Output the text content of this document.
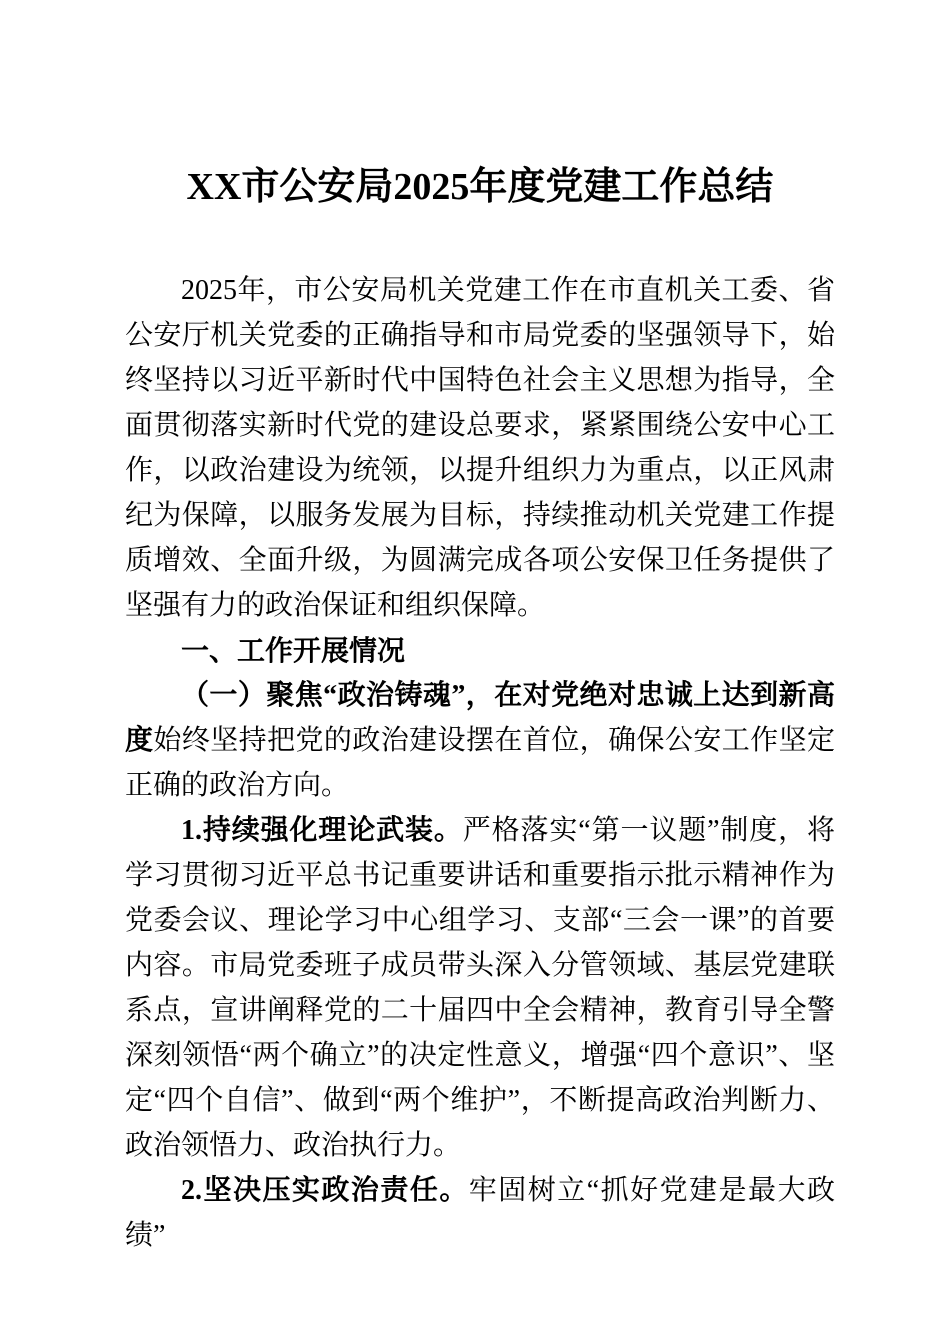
XX市公安局2025年度党建工作总结

2025年，市公安局机关党建工作在市直机关工委、省公安厅机关党委的正确指导和市局党委的坚强领导下，始终坚持以习近平新时代中国特色社会主义思想为指导，全面贯彻落实新时代党的建设总要求，紧紧围绕公安中心工作，以政治建设为统领，以提升组织力为重点，以正风肃纪为保障，以服务发展为目标，持续推动机关党建工作提质增效、全面升级，为圆满完成各项公安保卫任务提供了坚强有力的政治保证和组织保障。

一、工作开展情况

（一）聚焦“政治铸魂”，在对党绝对忠诚上达到新高度始终坚持把党的政治建设摆在首位，确保公安工作坚定正确的政治方向。

1.持续强化理论武装。严格落实“第一议题”制度，将学习贯彻习近平总书记重要讲话和重要指示批示精神作为党委会议、理论学习中心组学习、支部“三会一课”的首要内容。市局党委班子成员带头深入分管领域、基层党建联系点，宣讲阐释党的二十届四中全会精神，教育引导全警深刻领悟“两个确立”的决定性意义，增强“四个意识”、坚定“四个自信”、做到“两个维护”，不断提高政治判断力、政治领悟力、政治执行力。

2.坚决压实政治责任。牢固树立“抓好党建是最大政绩”
